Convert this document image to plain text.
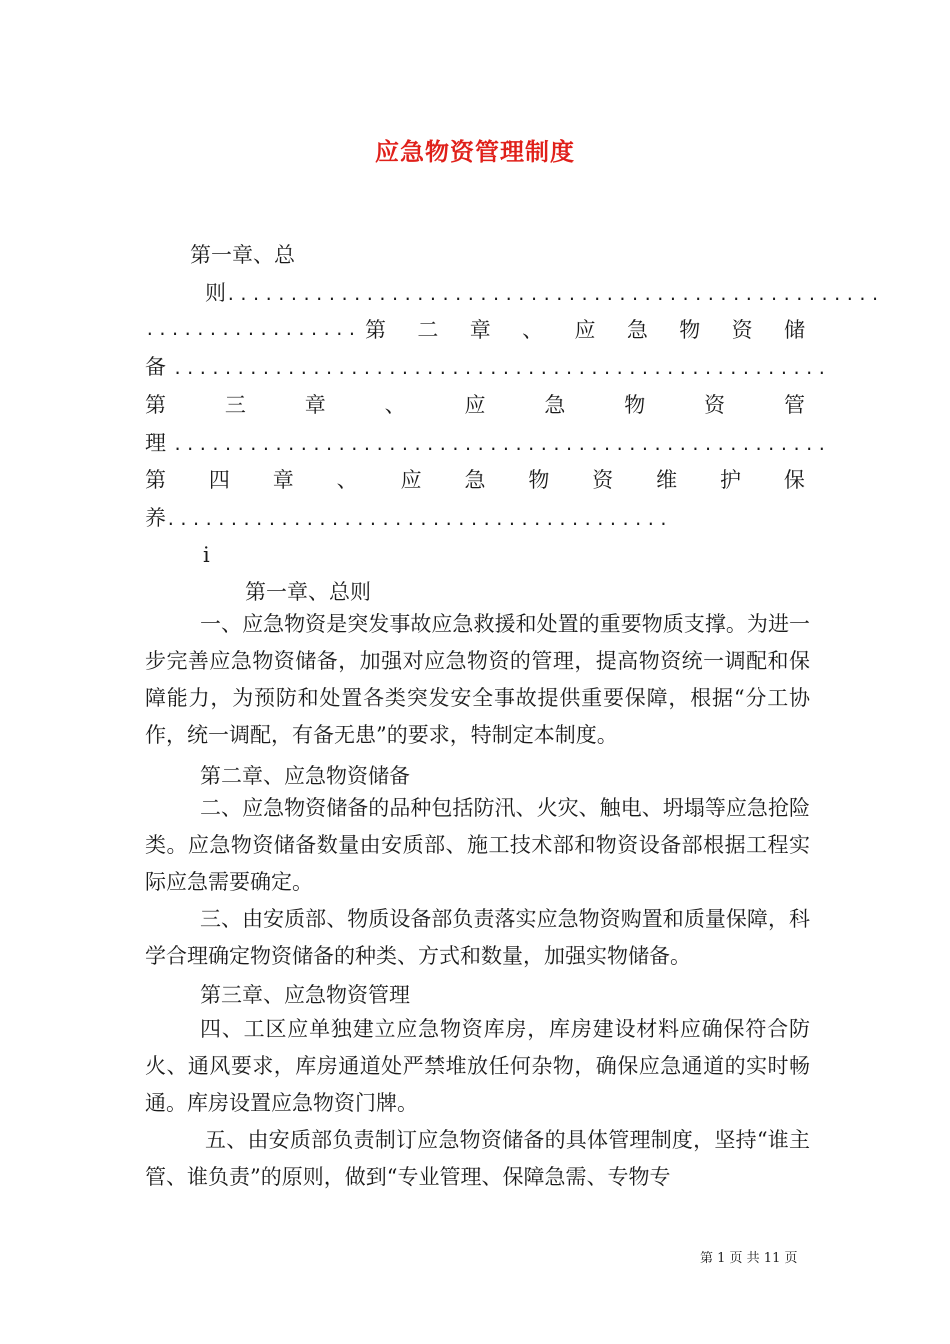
应急物资管理制度
第一章、总
则....................................................
................. 第 二 章 、 应 急 物 资 储
备 ....................................................
第	三	章	、	应	急	物	资	管
理 ....................................................
第 四 章 、 应 急 物 资 维 护 保
养........................................
i
第一章、总则
一、应急物资是突发事故应急救援和处置的重要物质支撑。为进一步完善应急物资储备，加强对应急物资的管理，提高物资统一调配和保障能力，为预防和处置各类突发安全事故提供重要保障，根据“分工协作，统一调配，有备无患”的要求，特制定本制度。
第二章、应急物资储备
二、应急物资储备的品种包括防汛、火灾、触电、坍塌等应急抢险类。应急物资储备数量由安质部、施工技术部和物资设备部根据工程实际应急需要确定。
三、由安质部、物质设备部负责落实应急物资购置和质量保障，科学合理确定物资储备的种类、方式和数量，加强实物储备。
第三章、应急物资管理
四、工区应单独建立应急物资库房，库房建设材料应确保符合防火、通风要求，库房通道处严禁堆放任何杂物，确保应急通道的实时畅通。库房设置应急物资门牌。
五、由安质部负责制订应急物资储备的具体管理制度，坚持“谁主管、谁负责”的原则，做到“专业管理、保障急需、专物专
第 1 页 共 11 页
